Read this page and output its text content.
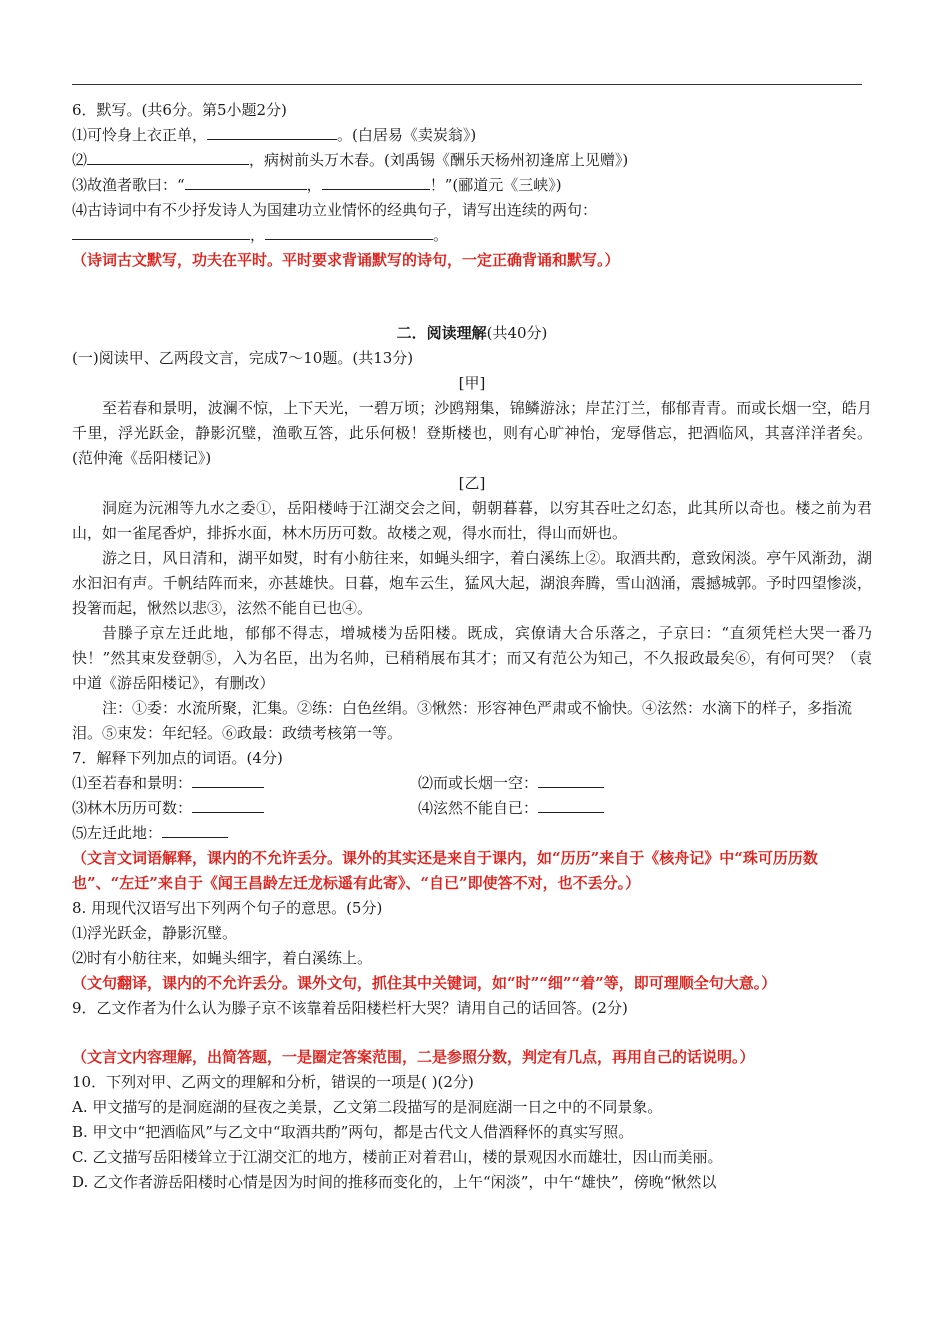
6．默写。(共6分。第5小题2分)
⑴可怜身上衣正单，	。(白居易《卖炭翁》)
⑵	，病树前头万木春。(刘禹锡《酬乐天杨州初逢席上见赠》)
⑶故渔者歌曰：“	，	！”(郦道元《三峡》)
⑷古诗词中有不少抒发诗人为国建功立业情怀的经典句子，请写出连续的两句：
，	。
（诗词古文默写，功夫在平时。平时要求背诵默写的诗句，一定正确背诵和默写。）
二．阅读理解(共40分)
(一)阅读甲、乙两段文言，完成7～10题。(共13分)
[甲]
至若春和景明，波澜不惊，上下天光，一碧万顷；沙鸥翔集，锦鳞游泳；岸芷汀兰，郁郁青青。而或长烟一空，皓月千里，浮光跃金，静影沉璧，渔歌互答，此乐何极！登斯楼也，则有心旷神怡，宠辱偕忘，把酒临风，其喜洋洋者矣。(范仲淹《岳阳楼记》)
[乙]
洞庭为沅湘等九水之委①，岳阳楼峙于江湖交会之间，朝朝暮暮，以穷其吞吐之幻态，此其所以奇也。楼之前为君山，如一雀尾香炉，排拆水面，林木历历可数。故楼之观，得水而壮，得山而妍也。
游之日，风日清和，湖平如熨，时有小舫往来，如蝇头细字，着白溪练上②。取酒共酌，意致闲淡。亭午风渐劲，湖水汩汩有声。千帆结阵而来，亦甚雄快。日暮，炮车云生，猛风大起，湖浪奔腾，雪山汹涌，震撼城郭。予时四望惨淡，投箸而起，愀然以悲③，泫然不能自已也④。
昔滕子京左迁此地，郁郁不得志，增城楼为岳阳楼。既成，宾僚请大合乐落之，子京曰：“直须凭栏大哭一番乃快！”然其束发登朝⑤，入为名臣，出为名帅，已稍稍展布其才；而又有范公为知己，不久报政最矣⑥，有何可哭？（袁中道《游岳阳楼记》，有删改）
注：①委：水流所聚，汇集。②练：白色丝绢。③愀然：形容神色严肃或不愉快。④泫然：水滴下的样子，多指流泪。⑤束发：年纪轻。⑥政最：政绩考核第一等。
7．解释下列加点的词语。(4分)
⑴至若春和景明：	⑵而或长烟一空：
⑶林木历历可数：	⑷泫然不能自已：
⑸左迁此地：
（文言文词语解释，课内的不允许丢分。课外的其实还是来自于课内，如“历历”来自于《核舟记》中“珠可历历数也”、“左迁”来自于《闻王昌龄左迁龙标遥有此寄》、“自已”即使答不对，也不丢分。）
8. 用现代汉语写出下列两个句子的意思。(5分)
⑴浮光跃金，静影沉璧。
⑵时有小舫往来，如蝇头细字，着白溪练上。
（文句翻译，课内的不允许丢分。课外文句，抓住其中关键词，如“时”“细”“着”等，即可理顺全句大意。）
9．乙文作者为什么认为滕子京不该靠着岳阳楼栏杆大哭？请用自己的话回答。(2分)
（文言文内容理解，出简答题，一是圈定答案范围，二是参照分数，判定有几点，再用自己的话说明。）
10．下列对甲、乙两文的理解和分析，错误的一项是( )(2分)
A. 甲文描写的是洞庭湖的昼夜之美景，乙文第二段描写的是洞庭湖一日之中的不同景象。
B. 甲文中“把酒临风”与乙文中“取酒共酌”两句，都是古代文人借酒释怀的真实写照。
C. 乙文描写岳阳楼耸立于江湖交汇的地方，楼前正对着君山，楼的景观因水而雄壮，因山而美丽。
D. 乙文作者游岳阳楼时心情是因为时间的推移而变化的，上午“闲淡”，中午“雄快”，傍晚“愀然以
